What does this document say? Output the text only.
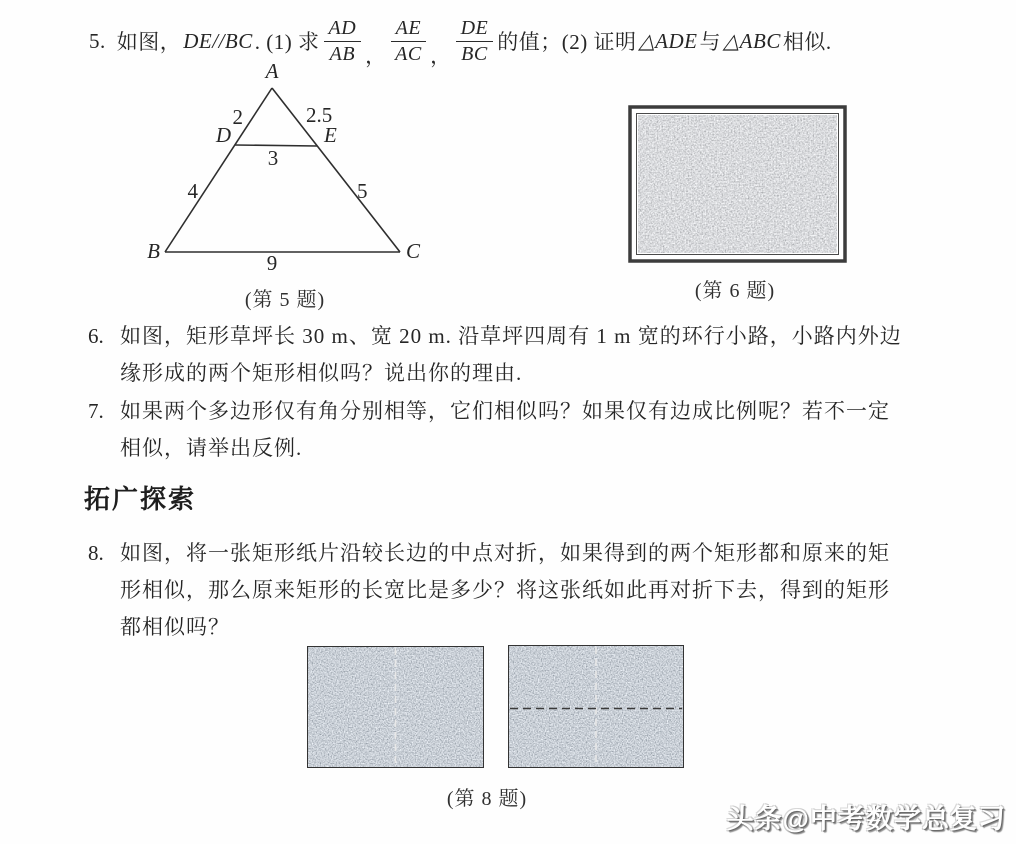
5. 如图， DE//BC . (1) 求 $\frac{AD}{AB}$ ， $\frac{AE}{AC}$ ， $\frac{DE}{BC}$ 的值；(2) 证明 △ADE 与 △ABC 相似.
A
B	C
D	E
2	2.5
3
4	5
9
(第 5 题)	(第 6 题)
6. 如图，矩形草坪长 30 m、宽 20 m. 沿草坪四周有 1 m 宽的环行小路，小路内外边
缘形成的两个矩形相似吗？说出你的理由.
7. 如果两个多边形仅有角分别相等，它们相似吗？如果仅有边成比例呢？若不一定
相似，请举出反例.
拓广探索
8. 如图，将一张矩形纸片沿较长边的中点对折，如果得到的两个矩形都和原来的矩
形相似，那么原来矩形的长宽比是多少？将这张纸如此再对折下去，得到的矩形
都相似吗？
(第 8 题)
头条@中考数学总复习
